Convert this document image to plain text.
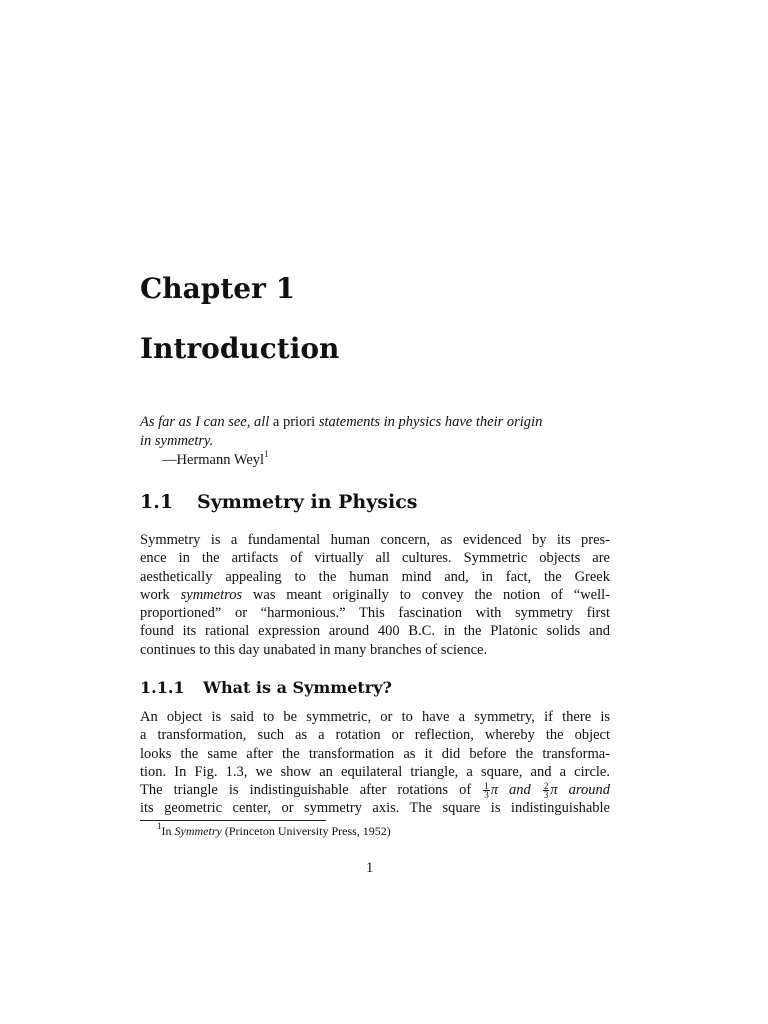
Chapter 1
Introduction
As far as I can see, all a priori statements in physics have their origin
in symmetry.
—Hermann Weyl$^1$
1.1 Symmetry in Physics

Symmetry is a fundamental human concern, as evidenced by its pres-
ence in the artifacts of virtually all cultures. Symmetric objects are
aesthetically appealing to the human mind and, in fact, the Greek
work symmetros was meant originally to convey the notion of “well-
proportioned” or “harmonious.” This fascination with symmetry first
found its rational expression around 400 B.C. in the Platonic solids and
continues to this day unabated in many branches of science.

1.1.1 What is a Symmetry?

An object is said to be symmetric, or to have a symmetry, if there is
a transformation, such as a rotation or reflection, whereby the object
looks the same after the transformation as it did before the transforma-
tion. In Fig. 1.3, we show an equilateral triangle, a square, and a circle.
The triangle is indistinguishable after rotations of $\frac{1}{3}$ π and $\frac{2}{3}$ π around
its geometric center, or symmetry axis. The square is indistinguishable

$^1$In Symmetry (Princeton University Press, 1952)
1
